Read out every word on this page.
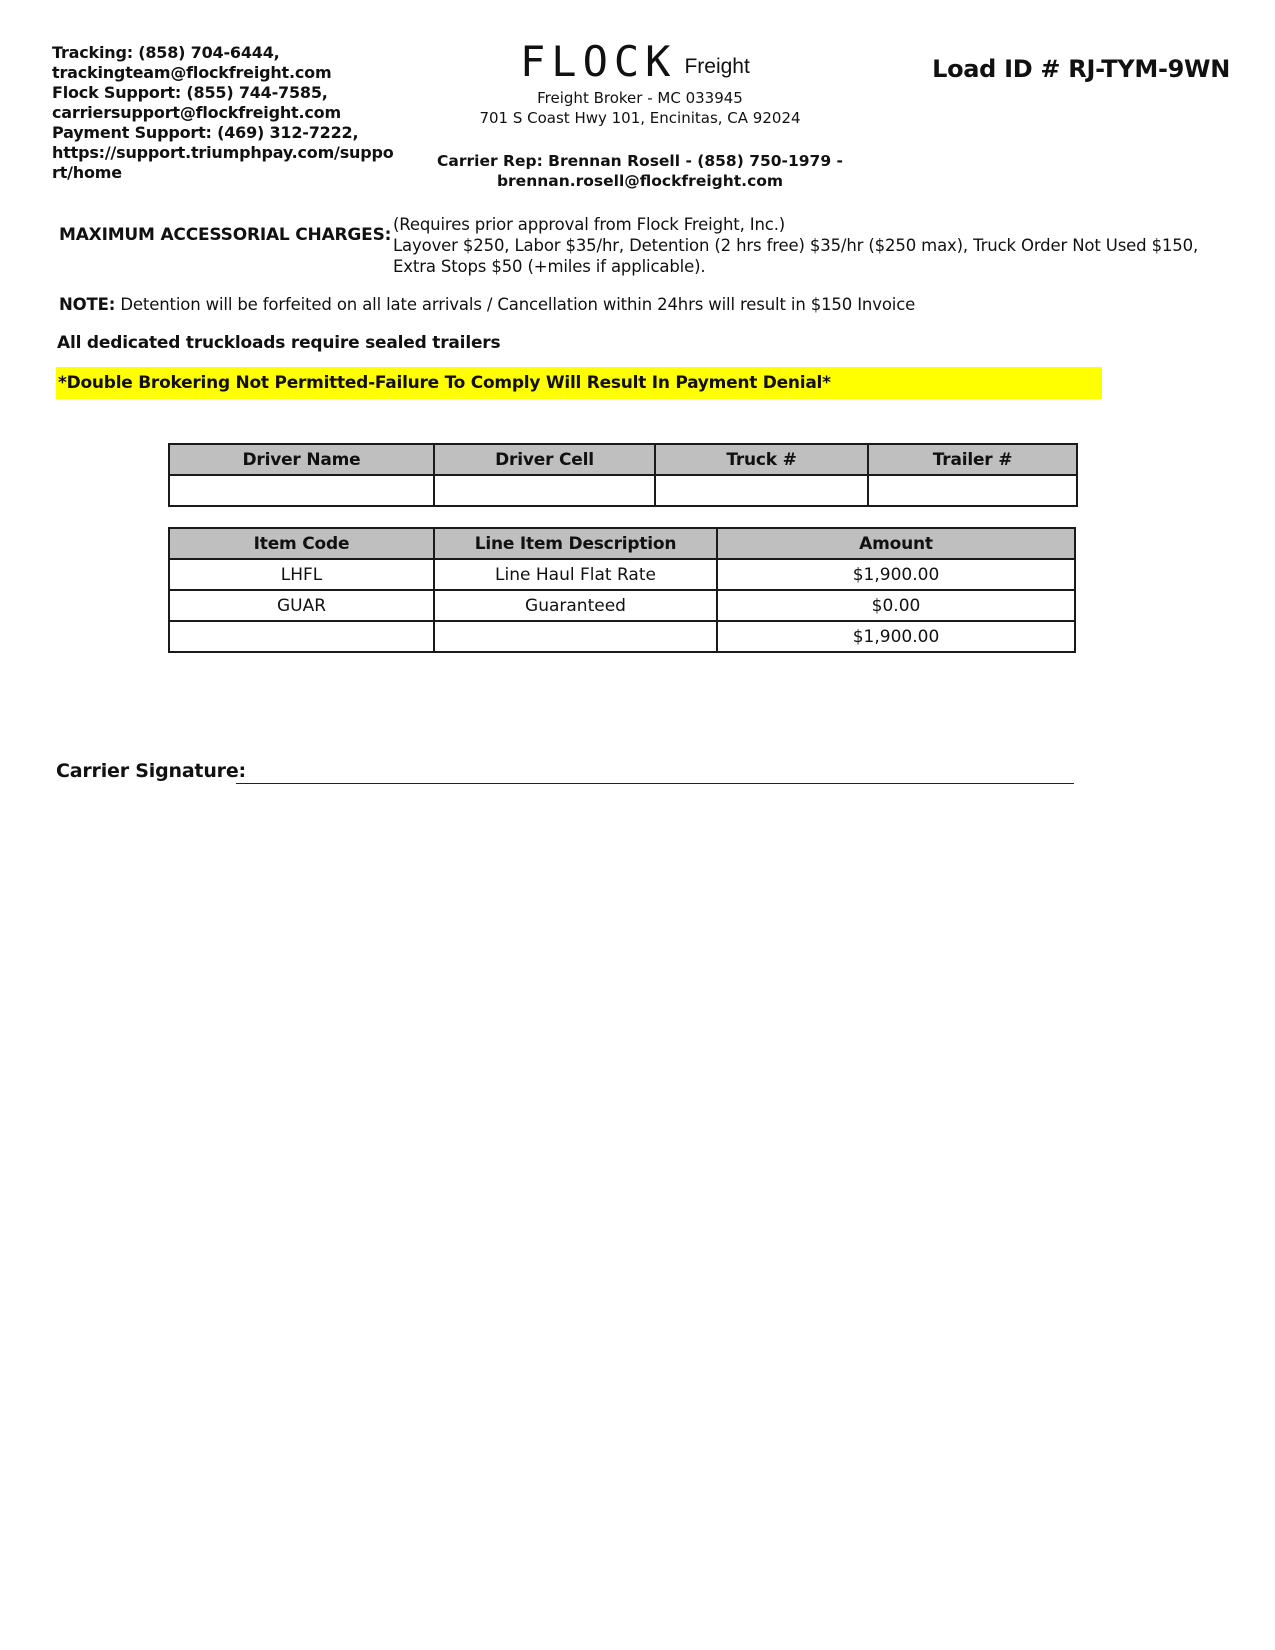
Tracking: (858) 704-6444,
trackingteam@flockfreight.com
Flock Support: (855) 744-7585,
carriersupport@flockfreight.com
Payment Support: (469) 312-7222,
https://support.triumphpay.com/support/home
FLOCK Freight
Freight Broker - MC 033945
701 S Coast Hwy 101, Encinitas, CA 92024
Carrier Rep: Brennan Rosell - (858) 750-1979 -
brennan.rosell@flockfreight.com
Load ID # RJ-TYM-9WN
MAXIMUM ACCESSORIAL CHARGES:
(Requires prior approval from Flock Freight, Inc.)
Layover $250, Labor $35/hr, Detention (2 hrs free) $35/hr ($250 max), Truck Order Not Used $150, Extra Stops $50 (+miles if applicable).
NOTE: Detention will be forfeited on all late arrivals / Cancellation within 24hrs will result in $150 Invoice
All dedicated truckloads require sealed trailers
*Double Brokering Not Permitted-Failure To Comply Will Result In Payment Denial*
Driver Name	Driver Cell	Truck #	Trailer #

Item Code	Line Item Description	Amount
LHFL	Line Haul Flat Rate	$1,900.00
GUAR	Guaranteed	$0.00
		$1,900.00
Carrier Signature:
